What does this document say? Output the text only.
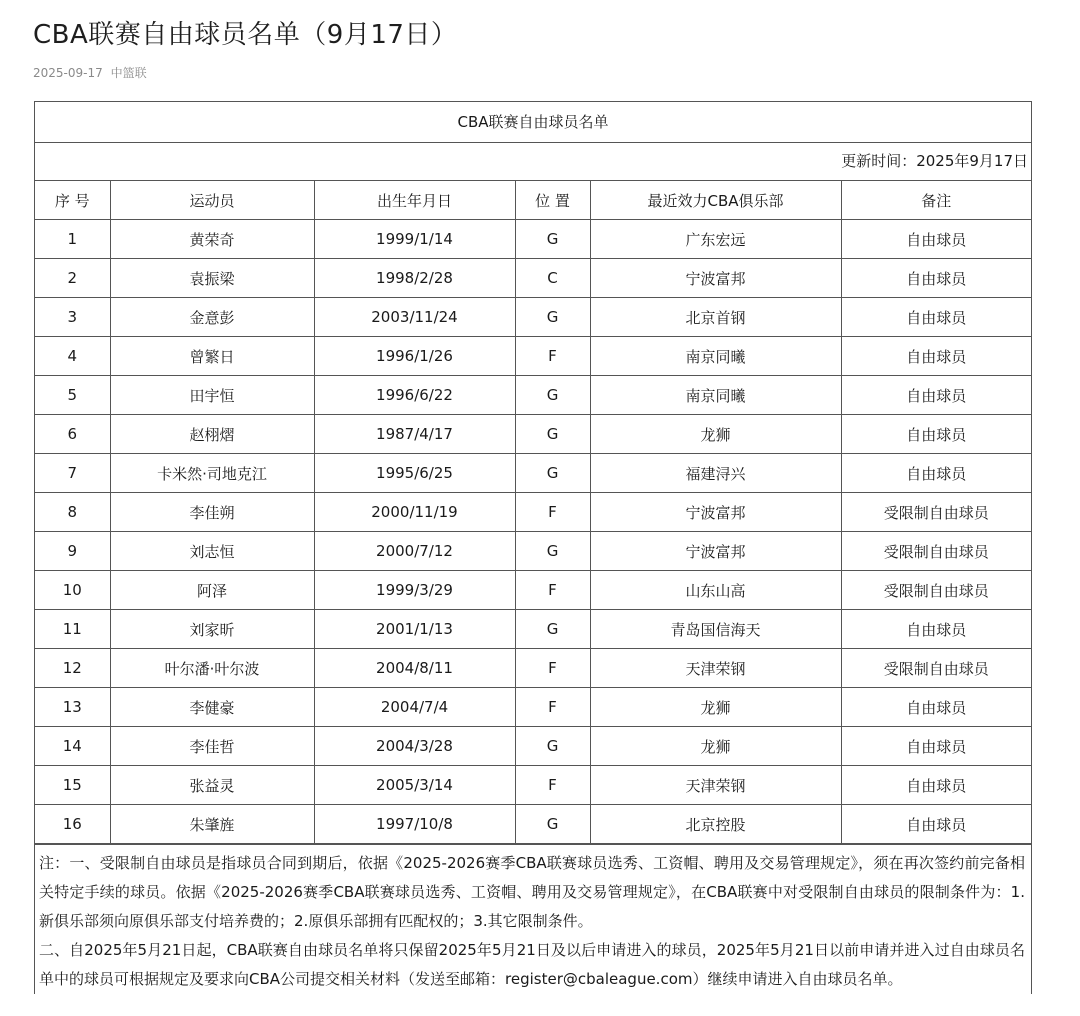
CBA联赛自由球员名单（9月17日）
2025-09-17 中篮联
CBA联赛自由球员名单
更新时间：2025年9月17日
序 号	运动员	出生年月日	位 置	最近效力CBA俱乐部	备注
1	黄荣奇	1999/1/14	G	广东宏远	自由球员
2	袁振梁	1998/2/28	C	宁波富邦	自由球员
3	金意彭	2003/11/24	G	北京首钢	自由球员
4	曾繁日	1996/1/26	F	南京同曦	自由球员
5	田宇恒	1996/6/22	G	南京同曦	自由球员
6	赵栩熠	1987/4/17	G	龙狮	自由球员
7	卡米然·司地克江	1995/6/25	G	福建浔兴	自由球员
8	李佳朔	2000/11/19	F	宁波富邦	受限制自由球员
9	刘志恒	2000/7/12	G	宁波富邦	受限制自由球员
10	阿泽	1999/3/29	F	山东山高	受限制自由球员
11	刘家昕	2001/1/13	G	青岛国信海天	自由球员
12	叶尔潘·叶尔波	2004/8/11	F	天津荣钢	受限制自由球员
13	李健豪	2004/7/4	F	龙狮	自由球员
14	李佳哲	2004/3/28	G	龙狮	自由球员
15	张益灵	2005/3/14	F	天津荣钢	自由球员
16	朱肇旌	1997/10/8	G	北京控股	自由球员

注：一、受限制自由球员是指球员合同到期后，依据《2025-2026赛季CBA联赛球员选秀、工资帽、聘用及交易管理规定》，须在再次签约前完备相关特定手续的球员。依据《2025-2026赛季CBA联赛球员选秀、工资帽、聘用及交易管理规定》，在CBA联赛中对受限制自由球员的限制条件为：1.新俱乐部须向原俱乐部支付培养费的；2.原俱乐部拥有匹配权的；3.其它限制条件。

二、自2025年5月21日起，CBA联赛自由球员名单将只保留2025年5月21日及以后申请进入的球员，2025年5月21日以前申请并进入过自由球员名单中的球员可根据规定及要求向CBA公司提交相关材料（发送至邮箱：register@cbaleague.com）继续申请进入自由球员名单。
